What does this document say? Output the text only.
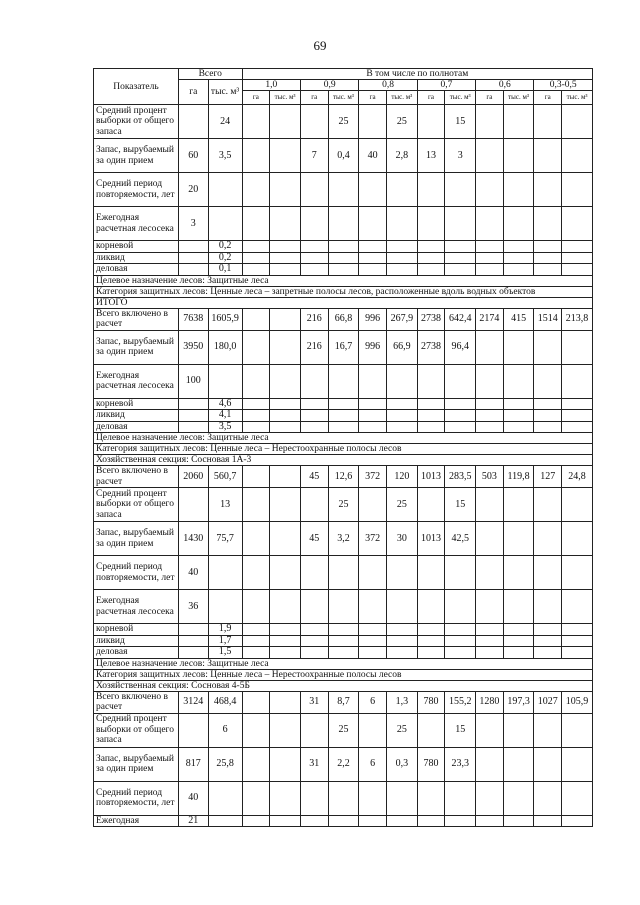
69
Показатель	Всего		В том числе по полнотам											
	га	тыс. м³	1,0		0,9		0,8		0,7		0,6		0,3-0,5	
			га	тыс. м³	га	тыс. м³	га	тыс. м³	га	тыс. м³	га	тыс. м³	га	тыс. м³
Средний процент выборки от общего запаса		24				25		25		15				
Запас, вырубаемый за один прием	60	3,5			7	0,4	40	2,8	13	3				
Средний период повторяемости, лет	20													
Ежегодная расчетная лесосека	3													
корневой		0,2												
ликвид		0,2												
деловая		0,1												
Целевое назначение лесов: Защитные леса														
Категория защитных лесов: Ценные леса – запретные полосы лесов, расположенные вдоль водных объектов														
ИТОГО														
Всего включено в расчет	7638	1605,9			216	66,8	996	267,9	2738	642,4	2174	415	1514	213,8
Запас, вырубаемый за один прием	3950	180,0			216	16,7	996	66,9	2738	96,4				
Ежегодная расчетная лесосека	100													
корневой		4,6												
ликвид		4,1												
деловая		3,5												
Целевое назначение лесов: Защитные леса														
Категория защитных лесов: Ценные леса – Нерестоохранные полосы лесов														
Хозяйственная секция: Сосновая 1А-3														
Всего включено в расчет	2060	560,7			45	12,6	372	120	1013	283,5	503	119,8	127	24,8
Средний процент выборки от общего запаса		13				25		25		15				
Запас, вырубаемый за один прием	1430	75,7			45	3,2	372	30	1013	42,5				
Средний период повторяемости, лет	40													
Ежегодная расчетная лесосека	36													
корневой		1,9												
ликвид		1,7												
деловая		1,5												
Целевое назначение лесов: Защитные леса														
Категория защитных лесов: Ценные леса – Нерестоохранные полосы лесов														
Хозяйственная секция: Сосновая 4-5Б														
Всего включено в расчет	3124	468,4			31	8,7	6	1,3	780	155,2	1280	197,3	1027	105,9
Средний процент выборки от общего запаса		6				25		25		15				
Запас, вырубаемый за один прием	817	25,8			31	2,2	6	0,3	780	23,3				
Средний период повторяемости, лет	40													
Ежегодная	21													
